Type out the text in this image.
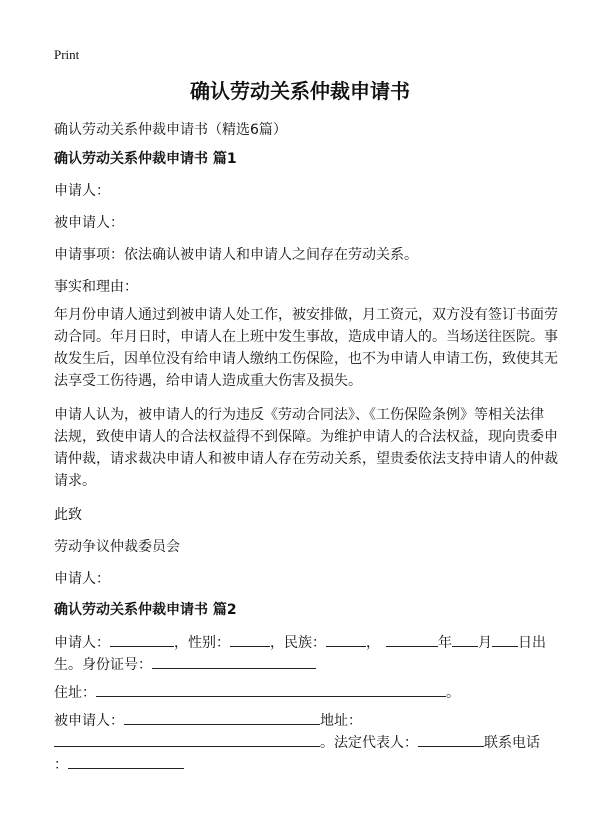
Print
确认劳动关系仲裁申请书
确认劳动关系仲裁申请书（精选6篇）
确认劳动关系仲裁申请书 篇1
申请人：
被申请人：
申请事项：依法确认被申请人和申请人之间存在劳动关系。
事实和理由：
年月份申请人通过到被申请人处工作，被安排做，月工资元，双方没有签订书面劳
动合同。年月日时，申请人在上班中发生事故，造成申请人的。当场送往医院。事
故发生后，因单位没有给申请人缴纳工伤保险，也不为申请人申请工伤，致使其无
法享受工伤待遇，给申请人造成重大伤害及损失。
申请人认为，被申请人的行为违反《劳动合同法》、《工伤保险条例》等相关法律
法规，致使申请人的合法权益得不到保障。为维护申请人的合法权益，现向贵委申
请仲裁，请求裁决申请人和被申请人存在劳动关系，望贵委依法支持申请人的仲裁
请求。
此致
劳动争议仲裁委员会
申请人：
确认劳动关系仲裁申请书 篇2
申请人：	，性别：	，民族：	，	年 月 日出
生。身份证号：
住址：	。
被申请人：	地址：
。法定代表人：	联系电话
：
